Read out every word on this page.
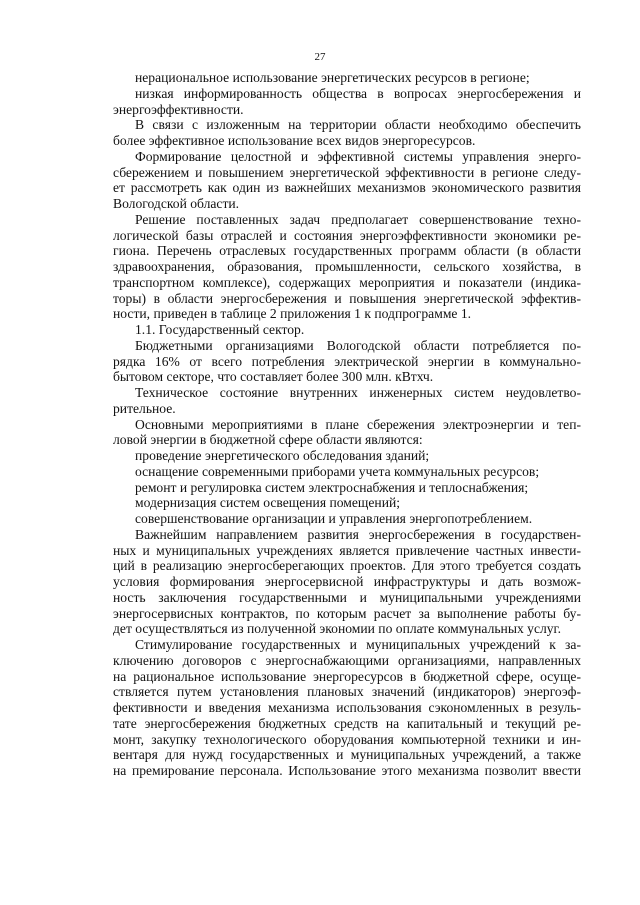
27
нерациональное использование энергетических ресурсов в регионе;
низкая информированность общества в вопросах энергосбережения и
энергоэффективности.
В связи с изложенным на территории области необходимо обеспечить
более эффективное использование всех видов энергоресурсов.
Формирование целостной и эффективной системы управления энерго-
сбережением и повышением энергетической эффективности в регионе следу-
ет рассмотреть как один из важнейших механизмов экономического развития
Вологодской области.
Решение поставленных задач предполагает совершенствование техно-
логической базы отраслей и состояния энергоэффективности экономики ре-
гиона. Перечень отраслевых государственных программ области (в области
здравоохранения, образования, промышленности, сельского хозяйства, в
транспортном комплексе), содержащих мероприятия и показатели (индика-
торы) в области энергосбережения и повышения энергетической эффектив-
ности, приведен в таблице 2 приложения 1 к подпрограмме 1.
1.1. Государственный сектор.
Бюджетными организациями Вологодской области потребляется по-
рядка 16% от всего потребления электрической энергии в коммунально-
бытовом секторе, что составляет более 300 млн. кВтхч.
Техническое состояние внутренних инженерных систем неудовлетво-
рительное.
Основными мероприятиями в плане сбережения электроэнергии и теп-
ловой энергии в бюджетной сфере области являются:
проведение энергетического обследования зданий;
оснащение современными приборами учета коммунальных ресурсов;
ремонт и регулировка систем электроснабжения и теплоснабжения;
модернизация систем освещения помещений;
совершенствование организации и управления энергопотреблением.
Важнейшим направлением развития энергосбережения в государствен-
ных и муниципальных учреждениях является привлечение частных инвести-
ций в реализацию энергосберегающих проектов. Для этого требуется создать
условия формирования энергосервисной инфраструктуры и дать возмож-
ность заключения государственными и муниципальными учреждениями
энергосервисных контрактов, по которым расчет за выполнение работы бу-
дет осуществляться из полученной экономии по оплате коммунальных услуг.
Стимулирование государственных и муниципальных учреждений к за-
ключению договоров с энергоснабжающими организациями, направленных
на рациональное использование энергоресурсов в бюджетной сфере, осуще-
ствляется путем установления плановых значений (индикаторов) энергоэф-
фективности и введения механизма использования сэкономленных в резуль-
тате энергосбережения бюджетных средств на капитальный и текущий ре-
монт, закупку технологического оборудования компьютерной техники и ин-
вентаря для нужд государственных и муниципальных учреждений, а также
на премирование персонала. Использование этого механизма позволит ввести
